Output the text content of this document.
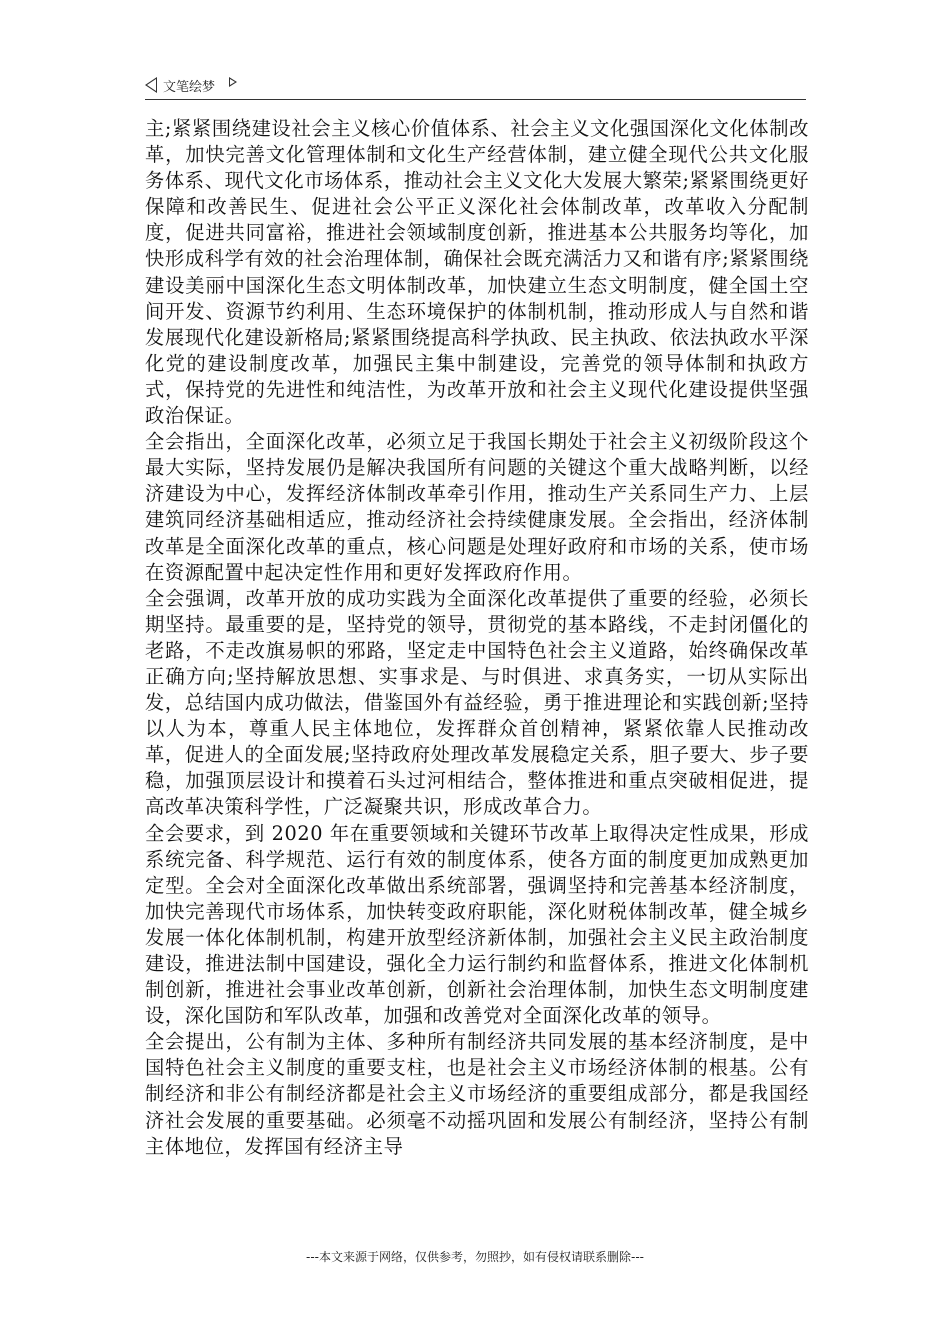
文笔绘梦

主;紧紧围绕建设社会主义核心价值体系、社会主义文化强国深化文化体制改革，加快完善文化管理体制和文化生产经营体制，建立健全现代公共文化服务体系、现代文化市场体系，推动社会主义文化大发展大繁荣;紧紧围绕更好保障和改善民生、促进社会公平正义深化社会体制改革，改革收入分配制度，促进共同富裕，推进社会领域制度创新，推进基本公共服务均等化，加快形成科学有效的社会治理体制，确保社会既充满活力又和谐有序;紧紧围绕建设美丽中国深化生态文明体制改革，加快建立生态文明制度，健全国土空间开发、资源节约利用、生态环境保护的体制机制，推动形成人与自然和谐发展现代化建设新格局;紧紧围绕提高科学执政、民主执政、依法执政水平深化党的建设制度改革，加强民主集中制建设，完善党的领导体制和执政方式，保持党的先进性和纯洁性，为改革开放和社会主义现代化建设提供坚强政治保证。

全会指出，全面深化改革，必须立足于我国长期处于社会主义初级阶段这个最大实际，坚持发展仍是解决我国所有问题的关键这个重大战略判断，以经济建设为中心，发挥经济体制改革牵引作用，推动生产关系同生产力、上层建筑同经济基础相适应，推动经济社会持续健康发展。全会指出，经济体制改革是全面深化改革的重点，核心问题是处理好政府和市场的关系，使市场在资源配置中起决定性作用和更好发挥政府作用。

全会强调，改革开放的成功实践为全面深化改革提供了重要的经验，必须长期坚持。最重要的是，坚持党的领导，贯彻党的基本路线，不走封闭僵化的老路，不走改旗易帜的邪路，坚定走中国特色社会主义道路，始终确保改革正确方向;坚持解放思想、实事求是、与时俱进、求真务实，一切从实际出发，总结国内成功做法，借鉴国外有益经验，勇于推进理论和实践创新;坚持以人为本，尊重人民主体地位，发挥群众首创精神，紧紧依靠人民推动改革，促进人的全面发展;坚持政府处理改革发展稳定关系，胆子要大、步子要稳，加强顶层设计和摸着石头过河相结合，整体推进和重点突破相促进，提高改革决策科学性，广泛凝聚共识，形成改革合力。

全会要求，到 2020 年在重要领域和关键环节改革上取得决定性成果，形成系统完备、科学规范、运行有效的制度体系，使各方面的制度更加成熟更加定型。全会对全面深化改革做出系统部署，强调坚持和完善基本经济制度，加快完善现代市场体系，加快转变政府职能，深化财税体制改革，健全城乡发展一体化体制机制，构建开放型经济新体制，加强社会主义民主政治制度建设，推进法制中国建设，强化全力运行制约和监督体系，推进文化体制机制创新，推进社会事业改革创新，创新社会治理体制，加快生态文明制度建设，深化国防和军队改革，加强和改善党对全面深化改革的领导。

全会提出，公有制为主体、多种所有制经济共同发展的基本经济制度，是中国特色社会主义制度的重要支柱，也是社会主义市场经济体制的根基。公有制经济和非公有制经济都是社会主义市场经济的重要组成部分，都是我国经济社会发展的重要基础。必须毫不动摇巩固和发展公有制经济，坚持公有制主体地位，发挥国有经济主导

---本文来源于网络，仅供参考，勿照抄，如有侵权请联系删除---
